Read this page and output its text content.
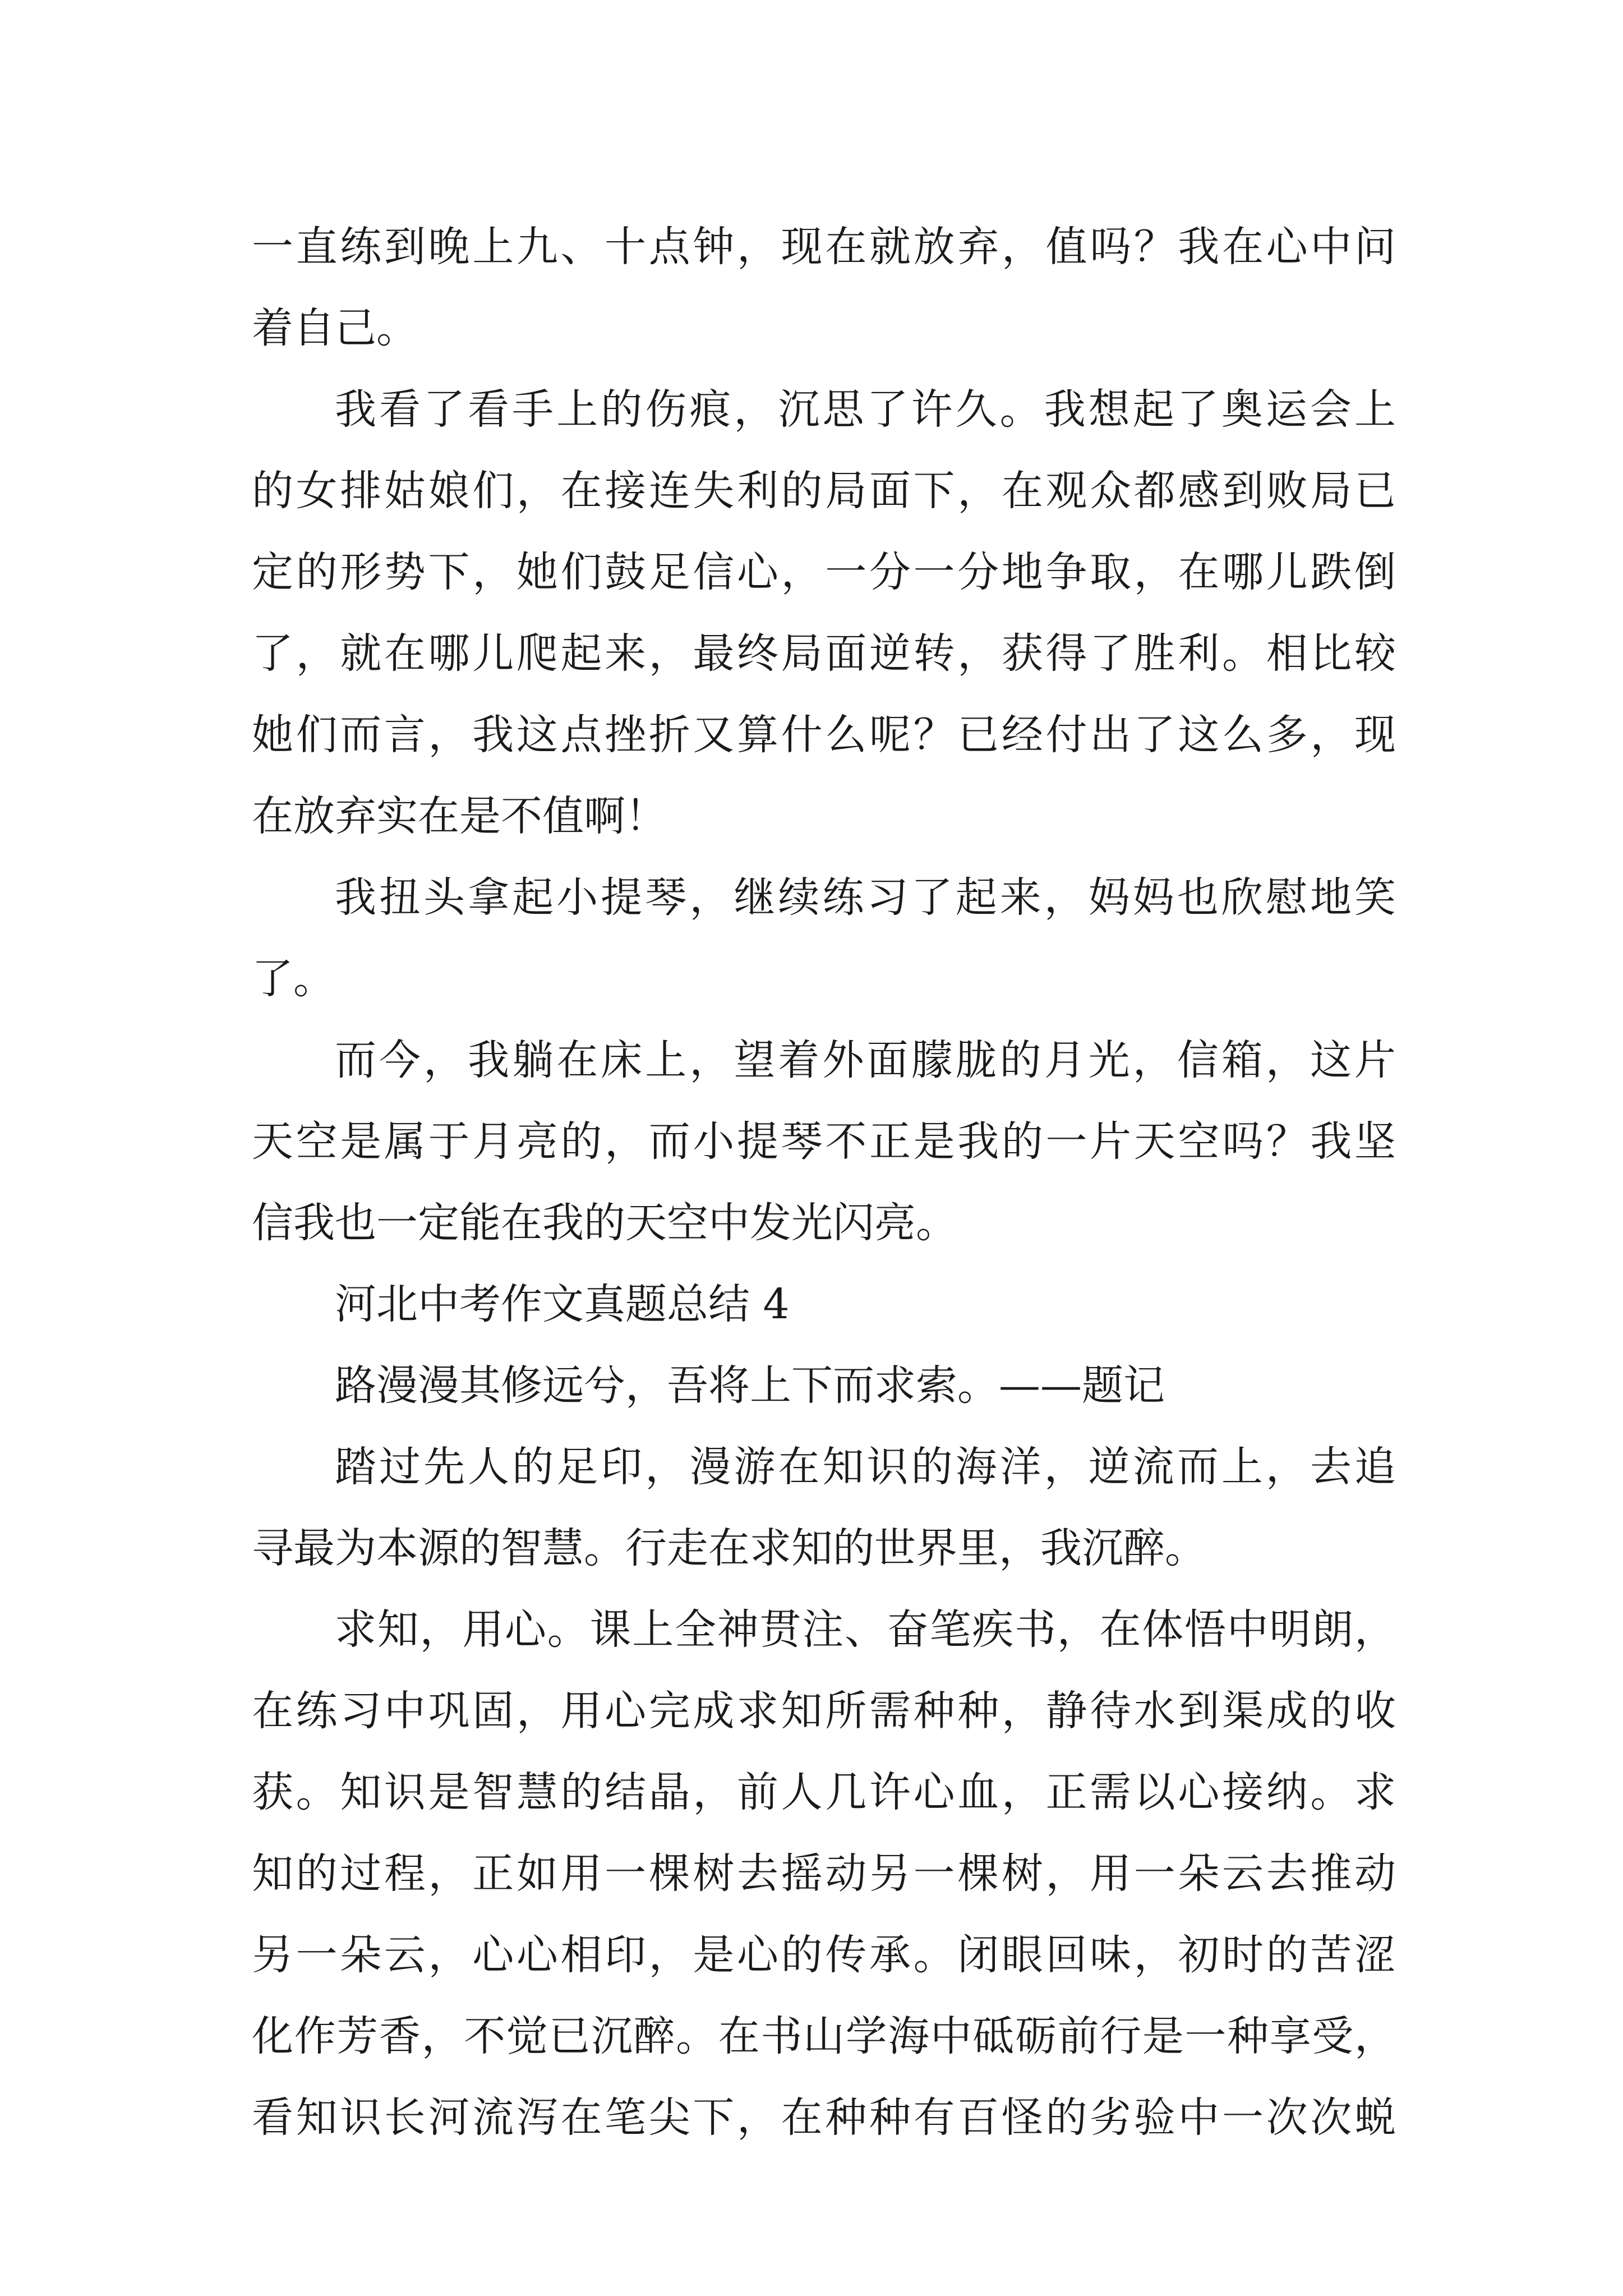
一直练到晚上九、十点钟，现在就放弃，值吗？我在心中问
着自己。
我看了看手上的伤痕，沉思了许久。我想起了奥运会上
的女排姑娘们，在接连失利的局面下，在观众都感到败局已
定的形势下，她们鼓足信心，一分一分地争取，在哪儿跌倒
了，就在哪儿爬起来，最终局面逆转，获得了胜利。相比较
她们而言，我这点挫折又算什么呢？已经付出了这么多，现
在放弃实在是不值啊！
我扭头拿起小提琴，继续练习了起来，妈妈也欣慰地笑
了。
而今，我躺在床上，望着外面朦胧的月光，信箱，这片
天空是属于月亮的，而小提琴不正是我的一片天空吗？我坚
信我也一定能在我的天空中发光闪亮。
河北中考作文真题总结 4
路漫漫其修远兮，吾将上下而求索。——题记
踏过先人的足印，漫游在知识的海洋，逆流而上，去追
寻最为本源的智慧。行走在求知的世界里，我沉醉。
求知，用心。课上全神贯注、奋笔疾书，在体悟中明朗，
在练习中巩固，用心完成求知所需种种，静待水到渠成的收
获。知识是智慧的结晶，前人几许心血，正需以心接纳。求
知的过程，正如用一棵树去摇动另一棵树，用一朵云去推动
另一朵云，心心相印，是心的传承。闭眼回味，初时的苦涩
化作芳香，不觉已沉醉。在书山学海中砥砺前行是一种享受，
看知识长河流泻在笔尖下，在种种有百怪的劣验中一次次蜕
